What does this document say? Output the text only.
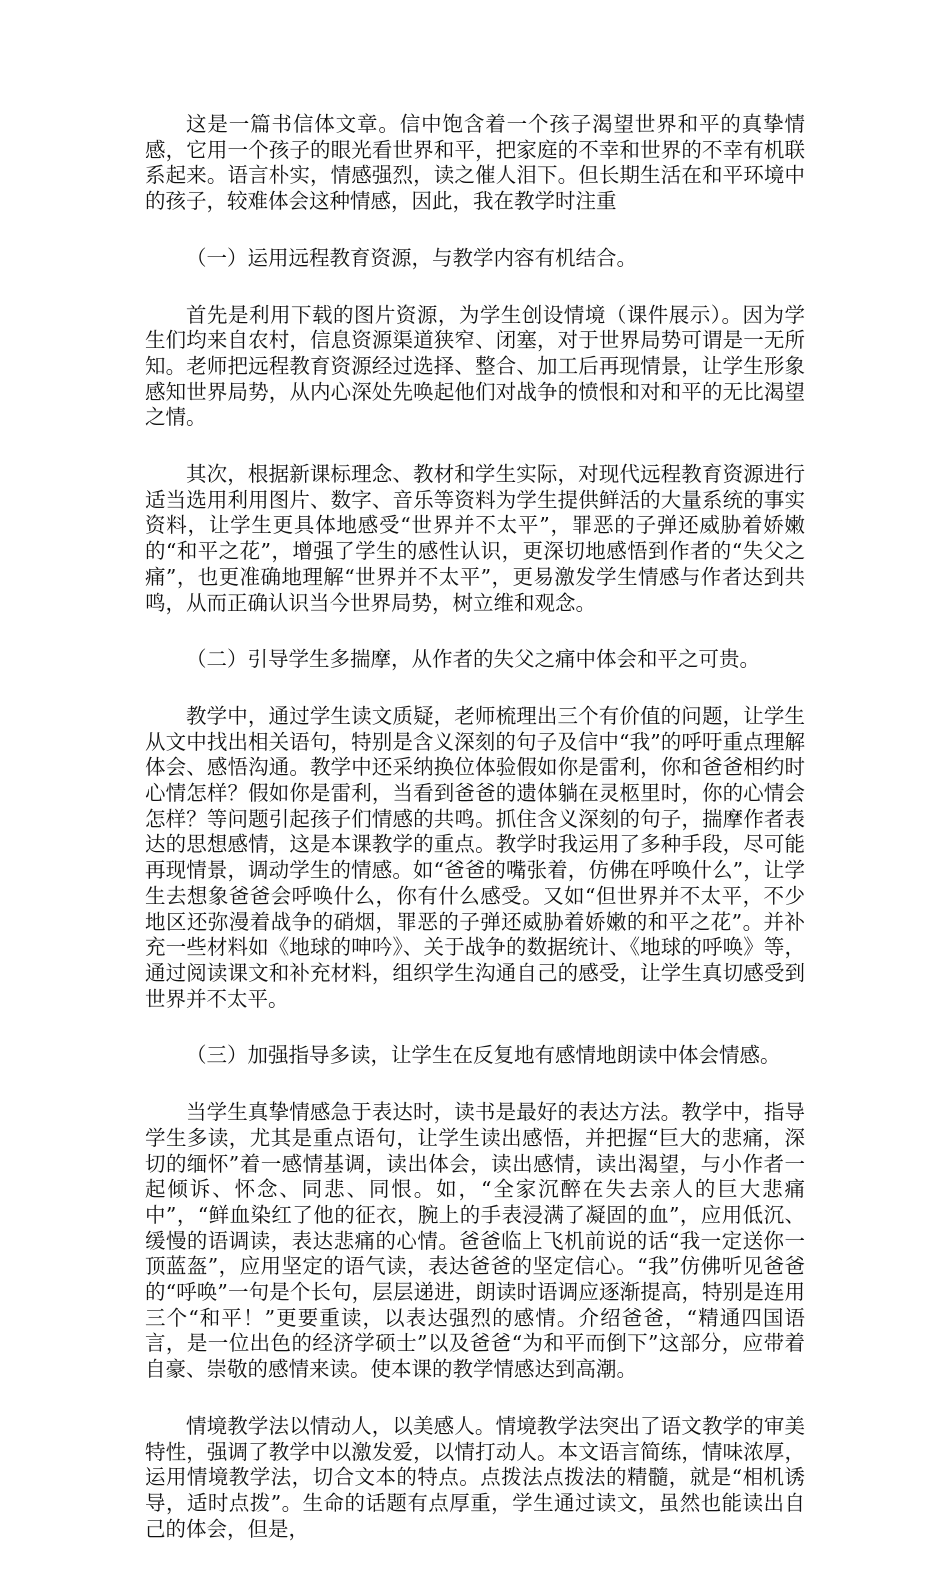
这是一篇书信体文章。信中饱含着一个孩子渴望世界和平的真挚情感，它用一个孩子的眼光看世界和平，把家庭的不幸和世界的不幸有机联系起来。语言朴实，情感强烈，读之催人泪下。但长期生活在和平环境中的孩子，较难体会这种情感，因此，我在教学时注重

（一）运用远程教育资源，与教学内容有机结合。

首先是利用下载的图片资源，为学生创设情境（课件展示）。因为学生们均来自农村，信息资源渠道狭窄、闭塞，对于世界局势可谓是一无所知。老师把远程教育资源经过选择、整合、加工后再现情景，让学生形象感知世界局势，从内心深处先唤起他们对战争的愤恨和对和平的无比渴望之情。

其次，根据新课标理念、教材和学生实际，对现代远程教育资源进行适当选用利用图片、数字、音乐等资料为学生提供鲜活的大量系统的事实资料，让学生更具体地感受“世界并不太平”，罪恶的子弹还威胁着娇嫩的“和平之花”，增强了学生的感性认识，更深切地感悟到作者的“失父之痛”，也更准确地理解“世界并不太平”，更易激发学生情感与作者达到共鸣，从而正确认识当今世界局势，树立维和观念。

（二）引导学生多揣摩，从作者的失父之痛中体会和平之可贵。

教学中，通过学生读文质疑，老师梳理出三个有价值的问题，让学生从文中找出相关语句，特别是含义深刻的句子及信中“我”的呼吁重点理解体会、感悟沟通。教学中还采纳换位体验假如你是雷利，你和爸爸相约时心情怎样？假如你是雷利，当看到爸爸的遗体躺在灵柩里时，你的心情会怎样？等问题引起孩子们情感的共鸣。抓住含义深刻的句子，揣摩作者表达的思想感情，这是本课教学的重点。教学时我运用了多种手段，尽可能再现情景，调动学生的情感。如“爸爸的嘴张着，仿佛在呼唤什么”，让学生去想象爸爸会呼唤什么，你有什么感受。又如“但世界并不太平，不少地区还弥漫着战争的硝烟，罪恶的子弹还威胁着娇嫩的和平之花”。并补充一些材料如《地球的呻吟》、关于战争的数据统计、《地球的呼唤》等，通过阅读课文和补充材料，组织学生沟通自己的感受，让学生真切感受到世界并不太平。

（三）加强指导多读，让学生在反复地有感情地朗读中体会情感。

当学生真挚情感急于表达时，读书是最好的表达方法。教学中，指导学生多读，尤其是重点语句，让学生读出感悟，并把握“巨大的悲痛，深切的缅怀”着一感情基调，读出体会，读出感情，读出渴望，与小作者一起倾诉、怀念、同悲、同恨。如，“全家沉醉在失去亲人的巨大悲痛中”，“鲜血染红了他的征衣，腕上的手表浸满了凝固的血”，应用低沉、缓慢的语调读，表达悲痛的心情。爸爸临上飞机前说的话“我一定送你一顶蓝盔”，应用坚定的语气读，表达爸爸的坚定信心。“我”仿佛听见爸爸的“呼唤”一句是个长句，层层递进，朗读时语调应逐渐提高，特别是连用三个“和平！”更要重读，以表达强烈的感情。介绍爸爸，“精通四国语言，是一位出色的经济学硕士”以及爸爸“为和平而倒下”这部分，应带着自豪、崇敬的感情来读。使本课的教学情感达到高潮。

情境教学法以情动人，以美感人。情境教学法突出了语文教学的审美特性，强调了教学中以激发爱，以情打动人。本文语言简练，情味浓厚，运用情境教学法，切合文本的特点。点拨法点拨法的精髓，就是“相机诱导，适时点拨”。生命的话题有点厚重，学生通过读文，虽然也能读出自己的体会，但是，
